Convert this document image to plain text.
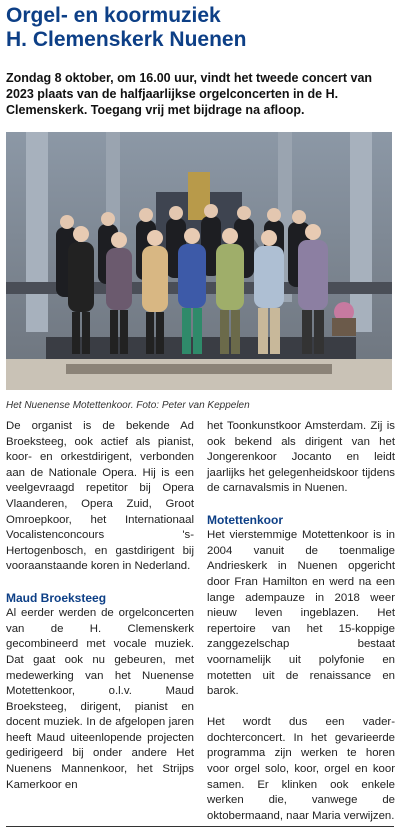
Orgel- en koormuziek
H. Clemenskerk Nuenen
Zondag 8 oktober, om 16.00 uur, vindt het tweede concert van 2023 plaats van de halfjaarlijkse orgelconcerten in de H. Clemenskerk. Toegang vrij met bijdrage na afloop.
Het Nuenense Motettenkoor. Foto: Peter van Keppelen

De organist is de bekende Ad Broeksteeg, ook actief als pianist, koor- en orkestdirigent, verbonden aan de Nationale Opera. Hij is een veelgevraagd repetitor bij Opera Vlaanderen, Opera Zuid, Groot Omroepkoor, het Internationaal Vocalistenconcours 's-Hertogenbosch, en gastdirigent bij vooraanstaande koren in Nederland.

Maud Broeksteeg

Al eerder werden de orgelconcerten van de H. Clemenskerk gecombineerd met vocale muziek. Dat gaat ook nu gebeuren, met medewerking van het Nuenense Motettenkoor, o.l.v. Maud Broeksteeg, dirigent, pianist en docent muziek. In de afgelopen jaren heeft Maud uiteenlopende projecten gedirigeerd bij onder andere Het Nuenens Mannenkoor, het Strijps Kamerkoor en

het Toonkunstkoor Amsterdam. Zij is ook bekend als dirigent van het Jongerenkoor Jocanto en leidt jaarlijks het gelegenheidskoor tijdens de carnavalsmis in Nuenen.

Motettenkoor

Het vierstemmige Motettenkoor is in 2004 vanuit de toenmalige Andrieskerk in Nuenen opgericht door Fran Hamilton en werd na een lange adempauze in 2018 weer nieuw leven ingeblazen. Het repertoire van het 15-koppige zanggezelschap bestaat voornamelijk uit polyfonie en motetten uit de renaissance en barok.

Het wordt dus een vader-dochterconcert. In het gevarieerde programma zijn werken te horen voor orgel solo, koor, orgel en koor samen. Er klinken ook enkele werken die, vanwege de oktobermaand, naar Maria verwijzen.
